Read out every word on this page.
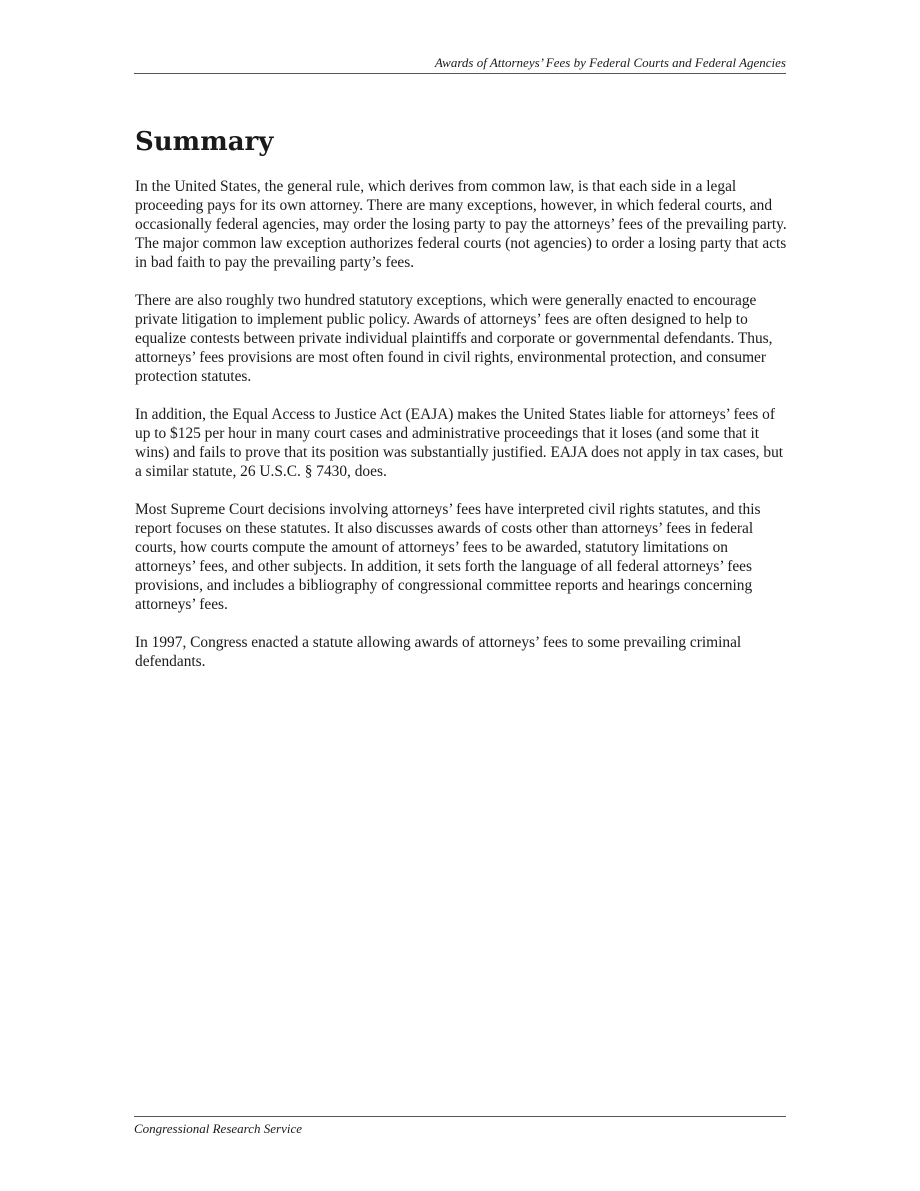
Awards of Attorneys’ Fees by Federal Courts and Federal Agencies
Summary

In the United States, the general rule, which derives from common law, is that each side in a legal proceeding pays for its own attorney. There are many exceptions, however, in which federal courts, and occasionally federal agencies, may order the losing party to pay the attorneys’ fees of the prevailing party. The major common law exception authorizes federal courts (not agencies) to order a losing party that acts in bad faith to pay the prevailing party’s fees.

There are also roughly two hundred statutory exceptions, which were generally enacted to encourage private litigation to implement public policy. Awards of attorneys’ fees are often designed to help to equalize contests between private individual plaintiffs and corporate or governmental defendants. Thus, attorneys’ fees provisions are most often found in civil rights, environmental protection, and consumer protection statutes.

In addition, the Equal Access to Justice Act (EAJA) makes the United States liable for attorneys’ fees of up to $125 per hour in many court cases and administrative proceedings that it loses (and some that it wins) and fails to prove that its position was substantially justified. EAJA does not apply in tax cases, but a similar statute, 26 U.S.C. § 7430, does.

Most Supreme Court decisions involving attorneys’ fees have interpreted civil rights statutes, and this report focuses on these statutes. It also discusses awards of costs other than attorneys’ fees in federal courts, how courts compute the amount of attorneys’ fees to be awarded, statutory limitations on attorneys’ fees, and other subjects. In addition, it sets forth the language of all federal attorneys’ fees provisions, and includes a bibliography of congressional committee reports and hearings concerning attorneys’ fees.

In 1997, Congress enacted a statute allowing awards of attorneys’ fees to some prevailing criminal defendants.

Congressional Research Service
